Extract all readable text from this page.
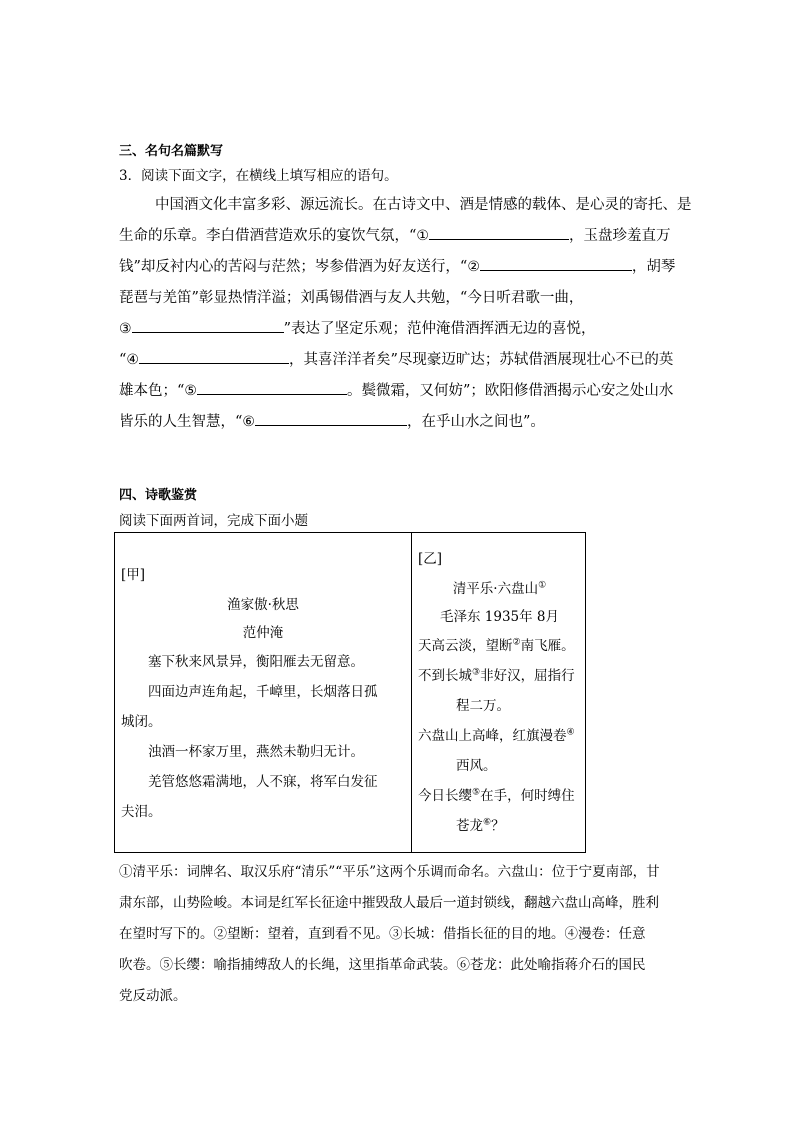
三、名句名篇默写
3．阅读下面文字，在横线上填写相应的语句。
中国酒文化丰富多彩、源远流长。在古诗文中、酒是情感的载体、是心灵的寄托、是
生命的乐章。李白借酒营造欢乐的宴饮气氛，“①	，玉盘珍羞直万
钱”却反衬内心的苦闷与茫然；岑参借酒为好友送行，“②	，胡琴
琵琶与羌笛”彰显热情洋溢；刘禹锡借酒与友人共勉，“今日听君歌一曲，
③	”表达了坚定乐观；范仲淹借酒挥洒无边的喜悦，
“④	，其喜洋洋者矣”尽现豪迈旷达；苏轼借酒展现壮心不已的英
雄本色；“⑤	。鬓微霜，又何妨”；欧阳修借酒揭示心安之处山水
皆乐的人生智慧，“⑥	，在乎山水之间也”。
四、诗歌鉴赏
阅读下面两首词，完成下面小题
[甲]
渔家傲·秋思
范仲淹
塞下秋来风景异，衡阳雁去无留意。
四面边声连角起，千嶂里，长烟落日孤
城闭。
浊酒一杯家万里，燕然未勒归无计。
羌管悠悠霜满地，人不寐，将军白发征
夫泪。

[乙]
清平乐·六盘山①
毛泽东 1935年 8月
天高云淡，望断②南飞雁。
不到长城③非好汉，屈指行
程二万。
六盘山上高峰，红旗漫卷④
西风。
今日长缨⑤在手，何时缚住
苍龙⑥？
①清平乐：词牌名、取汉乐府“清乐”“平乐”这两个乐调而命名。六盘山：位于宁夏南部，甘
肃东部，山势险峻。本词是红军长征途中摧毁敌人最后一道封锁线，翻越六盘山高峰，胜利
在望时写下的。②望断：望着，直到看不见。③长城：借指长征的目的地。④漫卷：任意
吹卷。⑤长缨：喻指捕缚敌人的长绳，这里指革命武装。⑥苍龙：此处喻指蒋介石的国民
党反动派。
